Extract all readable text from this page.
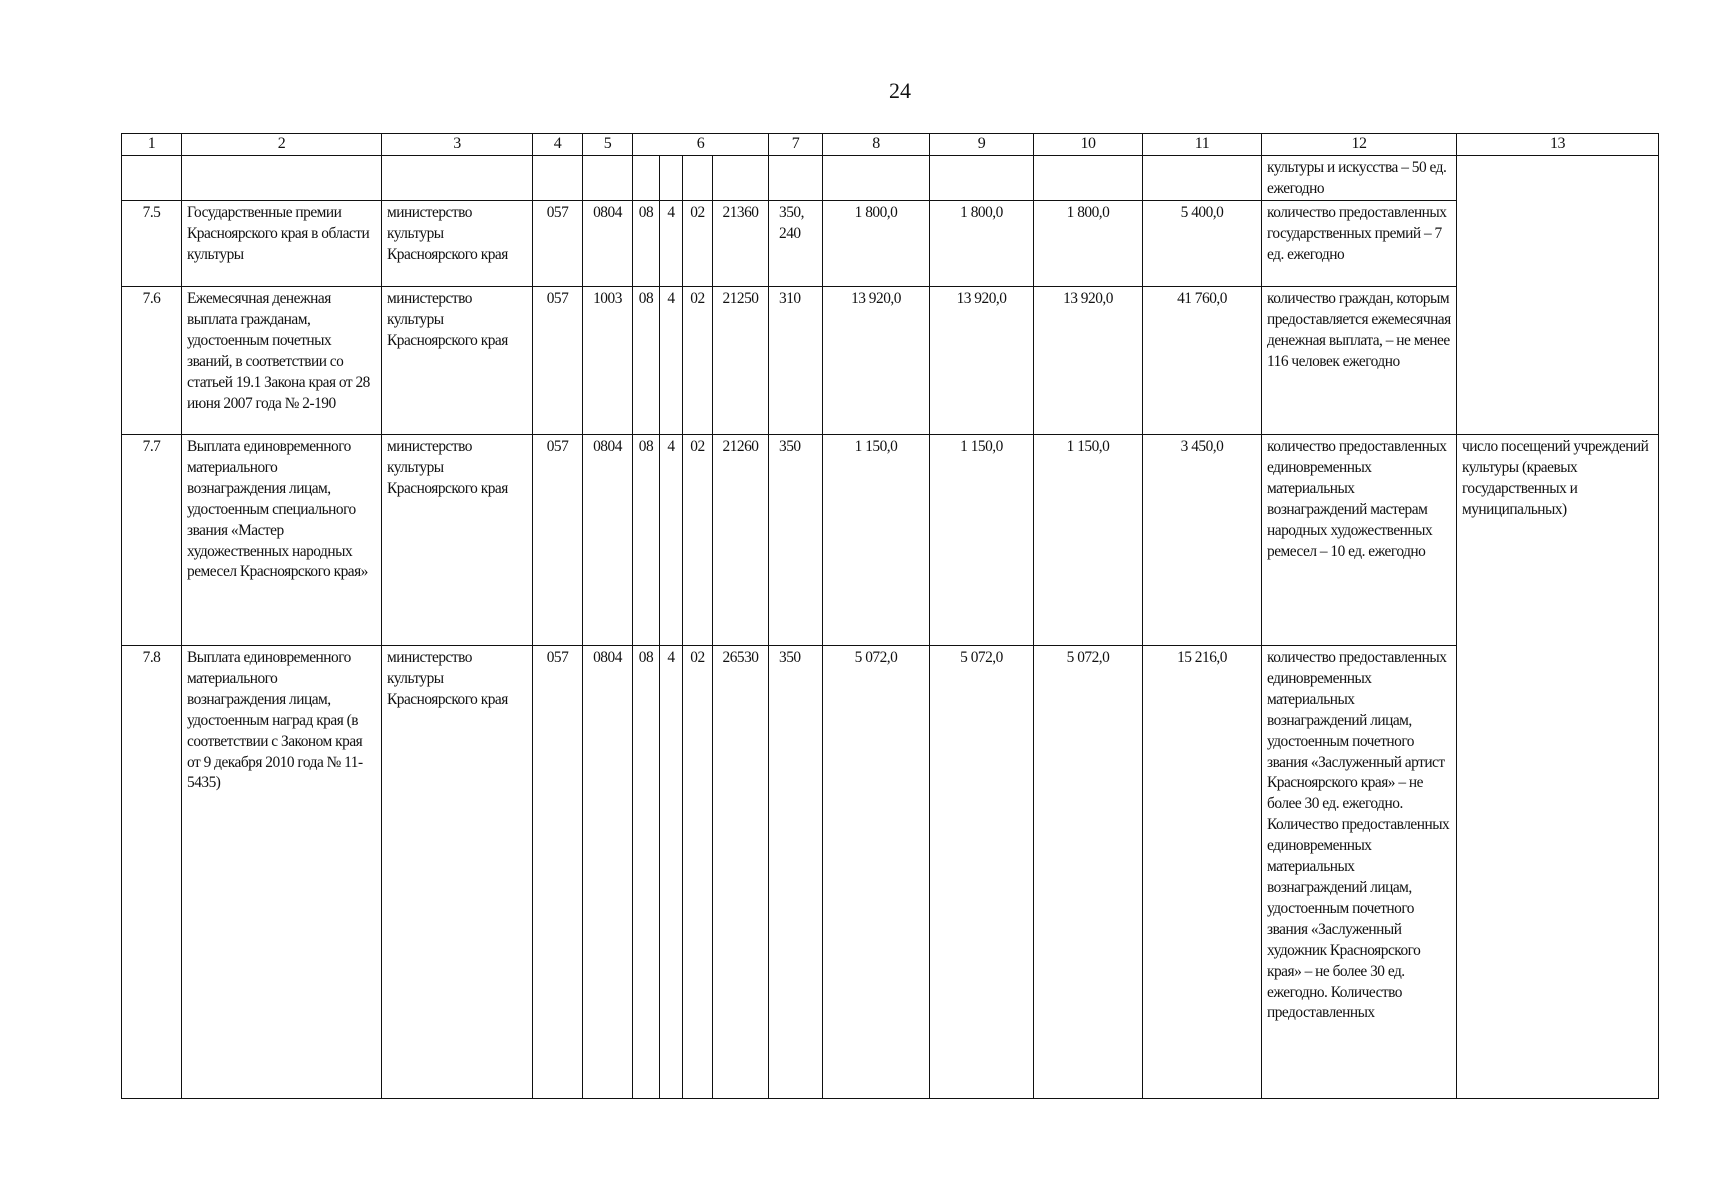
24
1	2	3	4	5	6				7	8	9	10	11	12	13
														культуры и искусства – 50 ед. ежегодно	
7.5	Государственные премии Красноярского края в области культуры	министерство культуры Красноярского края	057	0804	08	4	02	21360	350, 240	1 800,0	1 800,0	1 800,0	5 400,0	количество предоставленных государственных премий – 7 ед. ежегодно	
7.6	Ежемесячная денежная выплата гражданам, удостоенным почетных званий, в соответствии со статьей 19.1 Закона края от 28 июня 2007 года № 2-190	министерство культуры Красноярского края	057	1003	08	4	02	21250	310	13 920,0	13 920,0	13 920,0	41 760,0	количество граждан, которым предоставляется ежемесячная денежная выплата, – не менее 116 человек ежегодно	
7.7	Выплата единовременного материального вознаграждения лицам, удостоенным специального звания «Мастер художественных народных ремесел Красноярского края»	министерство культуры Красноярского края	057	0804	08	4	02	21260	350	1 150,0	1 150,0	1 150,0	3 450,0	количество предоставленных единовременных материальных вознаграждений мастерам народных художественных ремесел – 10 ед. ежегодно	число посещений учреждений культуры (краевых государственных и муниципальных)
7.8	Выплата единовременного материального вознаграждения лицам, удостоенным наград края (в соответствии с Законом края от 9 декабря 2010 года № 11-5435)	министерство культуры Красноярского края	057	0804	08	4	02	26530	350	5 072,0	5 072,0	5 072,0	15 216,0	количество предоставленных единовременных материальных вознаграждений лицам, удостоенным почетного звания «Заслуженный артист Красноярского края» – не более 30 ед. ежегодно. Количество предоставленных единовременных материальных вознаграждений лицам, удостоенным почетного звания «Заслуженный художник Красноярского края» – не более 30 ед. ежегодно. Количество предоставленных	
